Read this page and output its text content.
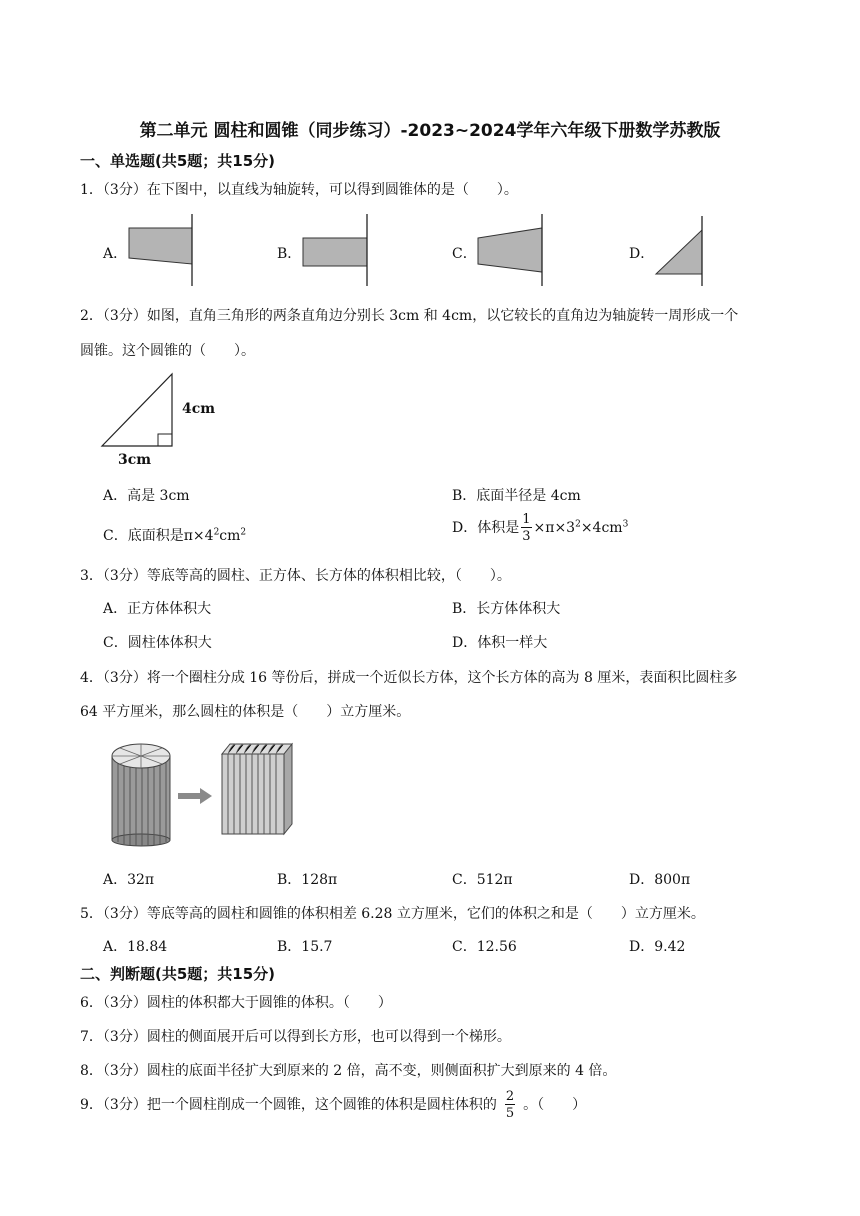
第二单元 圆柱和圆锥（同步练习）-2023~2024学年六年级下册数学苏教版
一、单选题(共5题；共15分)
1．（3分）在下图中，以直线为轴旋转，可以得到圆锥体的是（　　）。
A．	B．	C．	D．
2．（3分）如图，直角三角形的两条直角边分别长 3cm 和 4cm，以它较长的直角边为轴旋转一周形成一个
圆锥。这个圆锥的（　　）。
4cm
3cm
A．高是 3cm	B．底面半径是 4cm
C．底面积是$\pi\times 4^2cm^2$	D．体积是 $\frac{1}{3} \times\pi\times 3^2\times 4cm^3$
3．（3分）等底等高的圆柱、正方体、长方体的体积相比较，（　　）。
A．正方体体积大	B．长方体体积大
C．圆柱体体积大	D．体积一样大
4．（3分）将一个圈柱分成 16 等份后，拼成一个近似长方体，这个长方体的高为 8 厘米，表面积比圆柱多
64 平方厘米，那么圆柱的体积是（　　）立方厘米。
A．32π	B．128π	C．512π	D．800π
5．（3分）等底等高的圆柱和圆锥的体积相差 6.28 立方厘米，它们的体积之和是（　　）立方厘米。
A．18.84	B．15.7	C．12.56	D．9.42
二、判断题(共5题；共15分)
6．（3分）圆柱的体积都大于圆锥的体积。（　　）
7．（3分）圆柱的侧面展开后可以得到长方形，也可以得到一个梯形。
8．（3分）圆柱的底面半径扩大到原来的 2 倍，高不变，则侧面积扩大到原来的 4 倍。
9．（3分）把一个圆柱削成一个圆锥，这个圆锥的体积是圆柱体积的 $\frac{2}{5}$ 。（　　）
